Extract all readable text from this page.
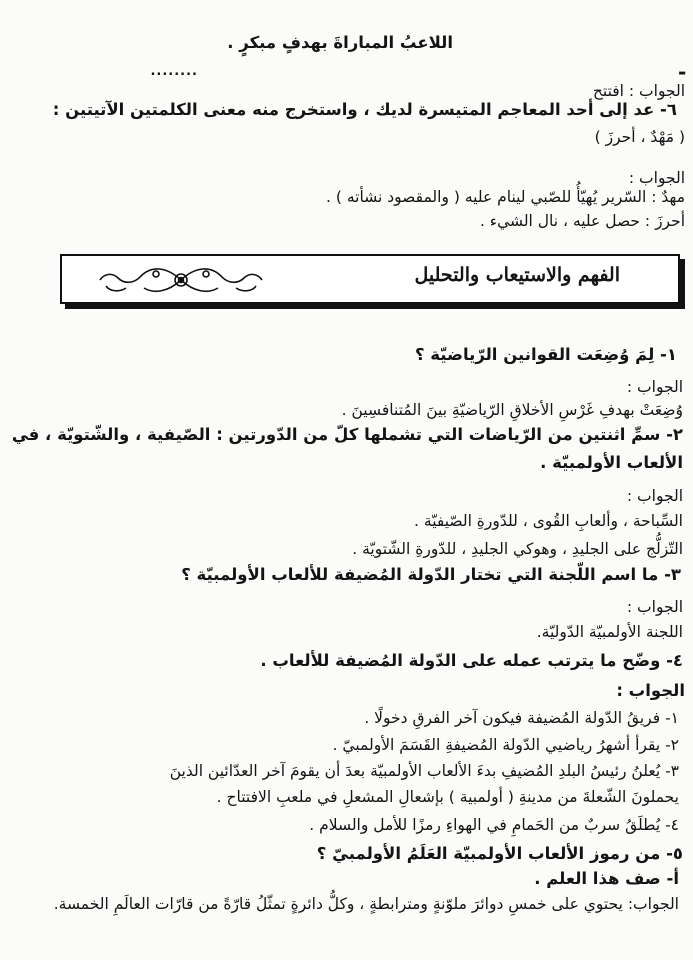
اللاعبُ المباراةَ بهدفٍ مبكرٍ .
........	-
الجواب : افتتح
٦- عد إلى أحد المعاجم المتيسرة لديك ، واستخرج منه معنى الكلمتين الآتيتين :
( مَهْدٌ ، أحرزَ )
الجواب :
مهدٌ : السّرير يُهيّأُ للصّبي لينام عليه ( والمقصود نشأته ) .
أحرزَ : حصل عليه ، نال الشيء .
الفهم والاستيعاب والتحليل
١- لِمَ وُضِعَت القوانين الرّياضيّة ؟
الجواب :
وُضِعَتْ بهدفِ غَرْسِ الأخلاقِ الرّياضيّةِ بينَ المُتنافسِينَ .
٢- سمِّ اثنتين من الرّياضات التي تشملها كلّ من الدّورتين : الصّيفية ، والشّتويّة ، في
الألعاب الأولمبيّة .
الجواب :
السِّباحة ، وألعابِ القُوى ، للدّورةِ الصّيفيّة .
التّزلُّج على الجليدِ ، وهوكي الجليدِ ، للدّورةِ الشّتويّة .
٣- ما اسم اللّجنة التي تختار الدّولة المُضيفة للألعاب الأولمبيّة ؟
الجواب :
اللجنة الأولمبيّة الدّوليّة.
٤- وضّح ما يترتب عمله على الدّولة المُضيفة للألعاب .
الجواب :
١- فريقُ الدّولة المُضيفة فيكون آخر الفرقِ دخولًا .
٢- يقرأ أشهرُ رياضيي الدّولة المُضيفةِ القَسَمَ الأولمبيّ .
٣- يُعلنُ رئيسُ البلدِ المُضيفِ بدءَ الألعاب الأولمبيّة بعدَ أن يقومَ آخر العدّائين الذينَ
يحملونَ الشّعلةَ من مدينةِ ( أولمبية ) بإشعالِ المشعلِ في ملعبِ الافتتاح .
٤- يُطلَقُ سربٌ من الحَمامِ في الهواءِ رمزًا للأمل والسلام .
٥- من رموز الألعاب الأولمبيّة العَلَمُ الأولمبيّ ؟
أ- صف هذا العلم .
الجواب: يحتوي على خمسِ دوائرَ ملوّنةٍ ومترابطةٍ ، وكلُّ دائرةٍ تمثّلُ قارّةً من قارّات العالَمِ الخمسة.
